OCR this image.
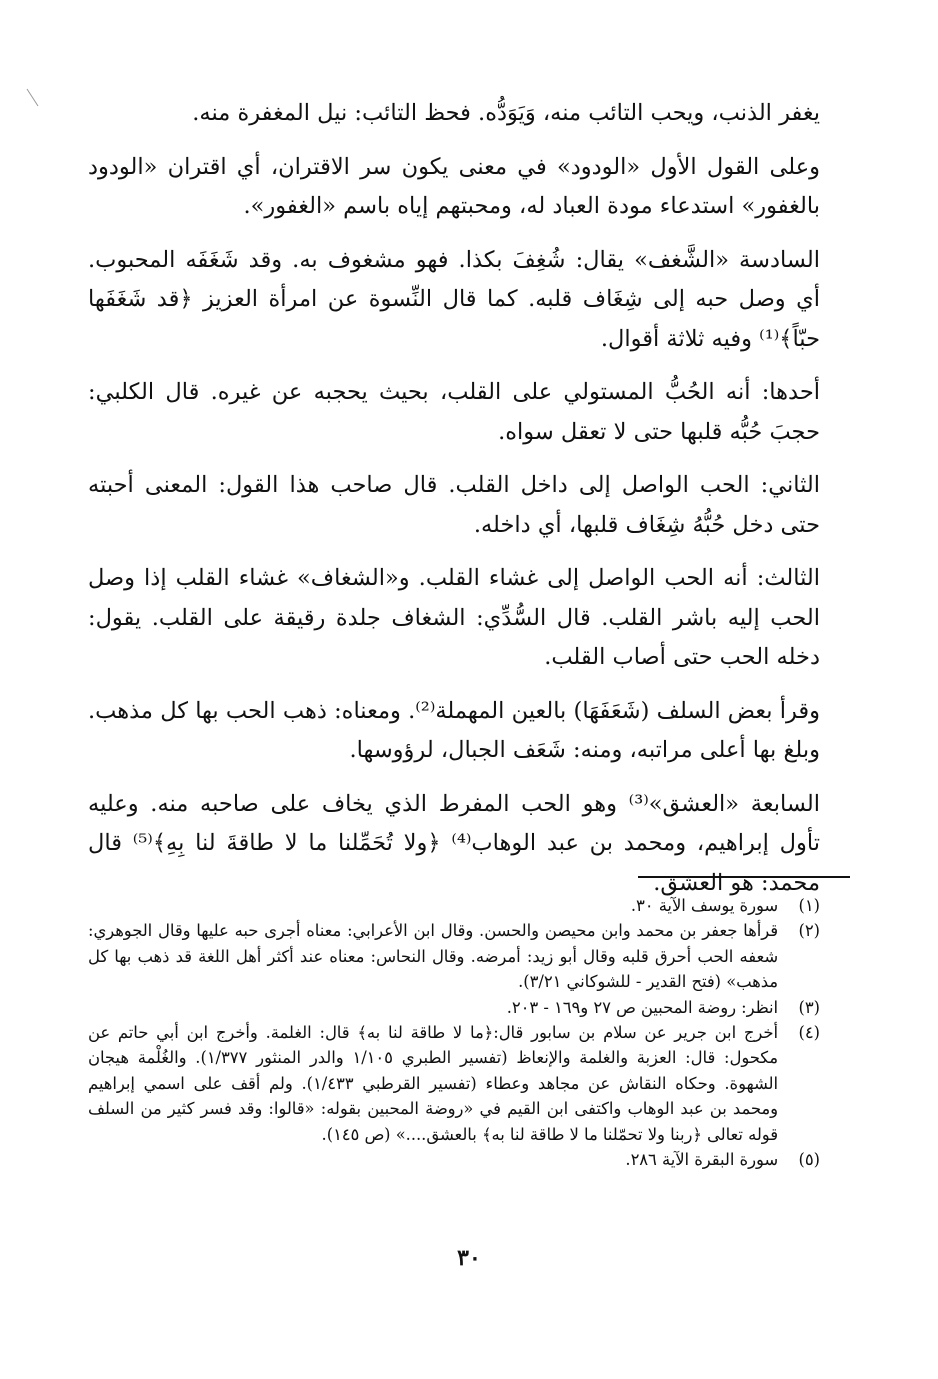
يغفر الذنب، ويحب التائب منه، وَيَوَدُّه. فحظ التائب: نيل المغفرة منه.

وعلى القول الأول «الودود» في معنى يكون سر الاقتران، أي اقتران «الودود بالغفور» استدعاء مودة العباد له، ومحبتهم إياه باسم «الغفور».

السادسة «الشَّغف» يقال: شُغِفَ بكذا. فهو مشغوف به. وقد شَغَفَه المحبوب. أي وصل حبه إلى شِغَاف قلبه. كما قال النِّسوة عن امرأة العزيز ﴿قد شَغَفَها حبّاً﴾⁽¹⁾ وفيه ثلاثة أقوال.

أحدها: أنه الحُبُّ المستولي على القلب، بحيث يحجبه عن غيره. قال الكلبي: حجبَ حُبُّه قلبها حتى لا تعقل سواه.

الثاني: الحب الواصل إلى داخل القلب. قال صاحب هذا القول: المعنى أحبته حتى دخل حُبُّهُ شِغَاف قلبها، أي داخله.

الثالث: أنه الحب الواصل إلى غشاء القلب. و«الشغاف» غشاء القلب إذا وصل الحب إليه باشر القلب. قال السُّدِّي: الشغاف جلدة رقيقة على القلب. يقول: دخله الحب حتى أصاب القلب.

وقرأ بعض السلف (شَعَفَهَا) بالعين المهملة⁽²⁾. ومعناه: ذهب الحب بها كل مذهب. وبلغ بها أعلى مراتبه، ومنه: شَعَف الجبال، لرؤوسها.

السابعة «العشق»⁽³⁾ وهو الحب المفرط الذي يخاف على صاحبه منه. وعليه تأول إبراهيم، ومحمد بن عبد الوهاب⁽⁴⁾ ﴿ولا تُحَمِّلنا ما لا طاقةَ لنا بِهِ﴾⁽⁵⁾ قال محمد: هو العشق.

(١)
سورة يوسف الآية ٣٠.

(٢)
قرأها جعفر بن محمد وابن محيصن والحسن. وقال ابن الأعرابي: معناه أجرى حبه عليها وقال الجوهري: شعفه الحب أحرق قلبه وقال أبو زيد: أمرضه. وقال النحاس: معناه عند أكثر أهل اللغة قد ذهب بها كل مذهب» (فتح القدير - للشوكاني ٣/٢١).

(٣)
انظر: روضة المحبين ص ٢٧ و١٦٩ - ٢٠٣.

(٤)
أخرج ابن جرير عن سلام بن سابور قال:﴿ما لا طاقة لنا به﴾ قال: الغلمة. وأخرج ابن أبي حاتم عن مكحول: قال: العزبة والغلمة والإنعاظ (تفسير الطبري ١/١٠٥ والدر المنثور ١/٣٧٧). والغُلْمة هيجان الشهوة. وحكاه النقاش عن مجاهد وعطاء (تفسير القرطبي ١/٤٣٣). ولم أقف على اسمي إبراهيم ومحمد بن عبد الوهاب واكتفى ابن القيم في «روضة المحبين بقوله: «قالوا: وقد فسر كثير من السلف قوله تعالى ﴿ربنا ولا تحمّلنا ما لا طاقة لنا به﴾ بالعشق....» (ص ١٤٥).

(٥)
سورة البقرة الآية ٢٨٦.

٣٠
